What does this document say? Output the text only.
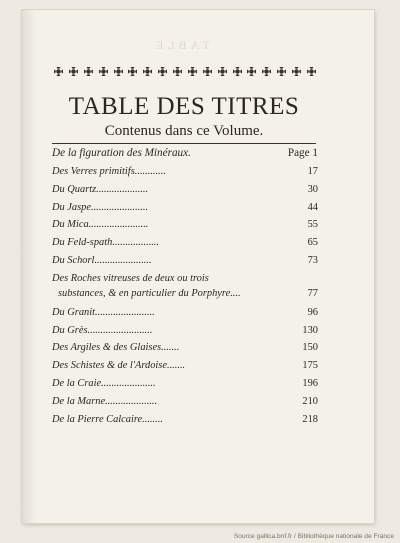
TABLE
TABLE DES TITRES
Contenus dans ce Volume.
De la figuration des Minéraux.	Page 1
Des Verres primitifs............	17
Du Quartz....................	30
Du Jaspe......................	44
Du Mica.......................	55
Du Feld-spath..................	65
Du Schorl......................	73
Des Roches vitreuses de deux ou trois
substances, & en particulier du Porphyre....	77
Du Granit.......................	96
Du Grès.........................	130
Des Argiles & des Glaises.......	150
Des Schistes & de l'Ardoise.......	175
De la Craie.....................	196
De la Marne....................	210
De la Pierre Calcaire........	218
Source gallica.bnf.fr / Bibliothèque nationale de France
